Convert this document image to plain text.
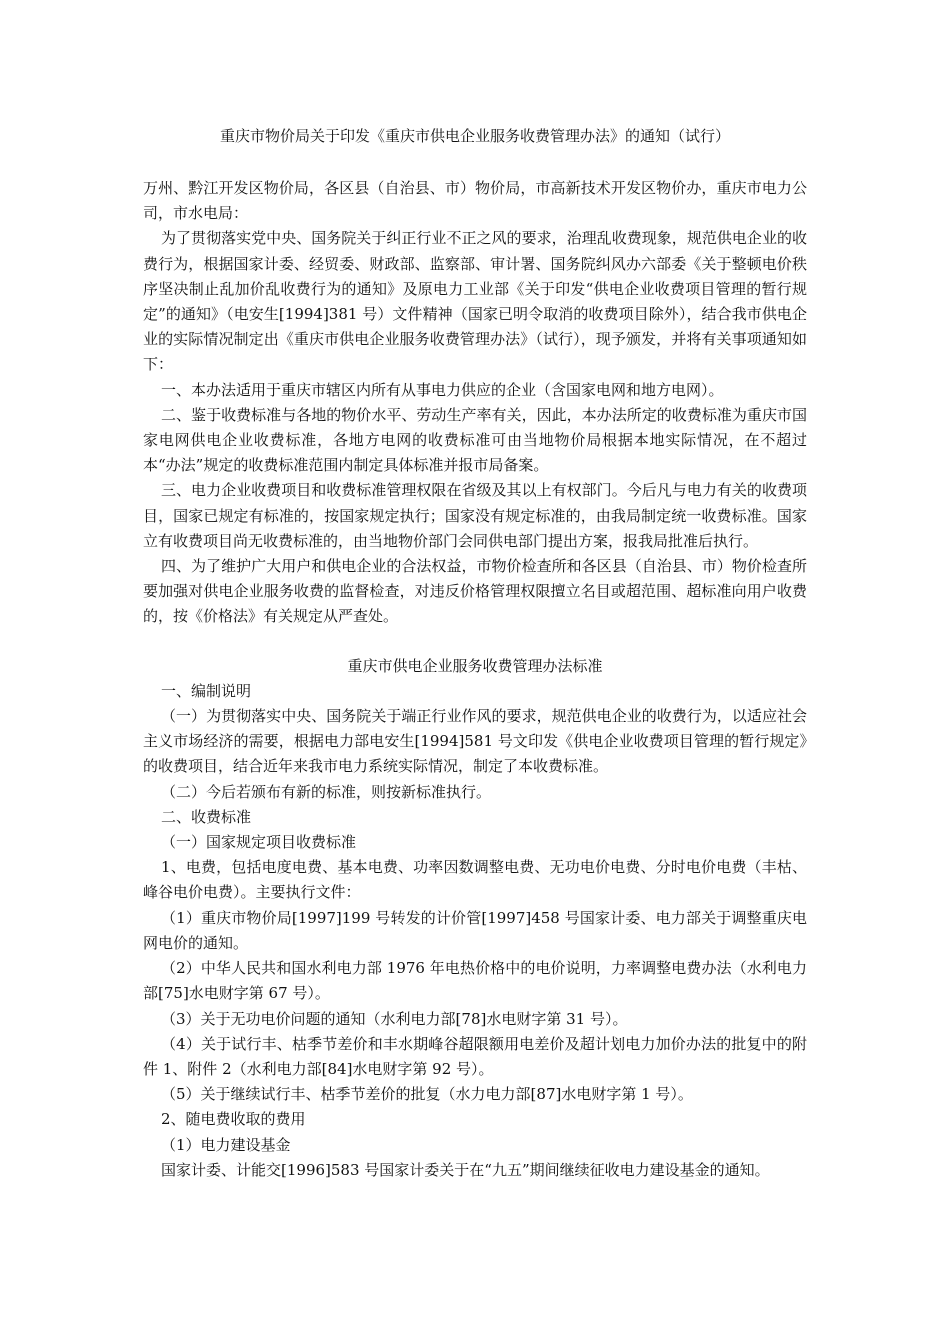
重庆市物价局关于印发《重庆市供电企业服务收费管理办法》的通知（试行）

万州、黔江开发区物价局，各区县（自治县、市）物价局，市高新技术开发区物价办，重庆市电力公司，市水电局：

为了贯彻落实党中央、国务院关于纠正行业不正之风的要求，治理乱收费现象，规范供电企业的收费行为，根据国家计委、经贸委、财政部、监察部、审计署、国务院纠风办六部委《关于整顿电价秩序坚决制止乱加价乱收费行为的通知》及原电力工业部《关于印发“供电企业收费项目管理的暂行规定”的通知》（电安生[1994]381 号）文件精神（国家已明令取消的收费项目除外），结合我市供电企业的实际情况制定出《重庆市供电企业服务收费管理办法》（试行），现予颁发，并将有关事项通知如下：

一、本办法适用于重庆市辖区内所有从事电力供应的企业（含国家电网和地方电网）。

二、鉴于收费标准与各地的物价水平、劳动生产率有关，因此，本办法所定的收费标准为重庆市国家电网供电企业收费标准，各地方电网的收费标准可由当地物价局根据本地实际情况，在不超过本“办法”规定的收费标准范围内制定具体标准并报市局备案。

三、电力企业收费项目和收费标准管理权限在省级及其以上有权部门。今后凡与电力有关的收费项目，国家已规定有标准的，按国家规定执行；国家没有规定标准的，由我局制定统一收费标准。国家立有收费项目尚无收费标准的，由当地物价部门会同供电部门提出方案，报我局批准后执行。

四、为了维护广大用户和供电企业的合法权益，市物价检查所和各区县（自治县、市）物价检查所要加强对供电企业服务收费的监督检查，对违反价格管理权限擅立名目或超范围、超标准向用户收费的，按《价格法》有关规定从严查处。

重庆市供电企业服务收费管理办法标准

一、编制说明

（一）为贯彻落实中央、国务院关于端正行业作风的要求，规范供电企业的收费行为，以适应社会主义市场经济的需要，根据电力部电安生[1994]581 号文印发《供电企业收费项目管理的暂行规定》的收费项目，结合近年来我市电力系统实际情况，制定了本收费标准。

（二）今后若颁布有新的标准，则按新标准执行。

二、收费标准

（一）国家规定项目收费标准

1、电费，包括电度电费、基本电费、功率因数调整电费、无功电价电费、分时电价电费（丰枯、峰谷电价电费）。主要执行文件：

（1）重庆市物价局[1997]199 号转发的计价管[1997]458 号国家计委、电力部关于调整重庆电网电价的通知。

（2）中华人民共和国水利电力部 1976 年电热价格中的电价说明，力率调整电费办法（水利电力部[75]水电财字第 67 号）。

（3）关于无功电价问题的通知（水利电力部[78]水电财字第 31 号）。

（4）关于试行丰、枯季节差价和丰水期峰谷超限额用电差价及超计划电力加价办法的批复中的附件 1、附件 2（水利电力部[84]水电财字第 92 号）。

（5）关于继续试行丰、枯季节差价的批复（水力电力部[87]水电财字第 1 号）。

2、随电费收取的费用

（1）电力建设基金

国家计委、计能交[1996]583 号国家计委关于在“九五”期间继续征收电力建设基金的通知。
